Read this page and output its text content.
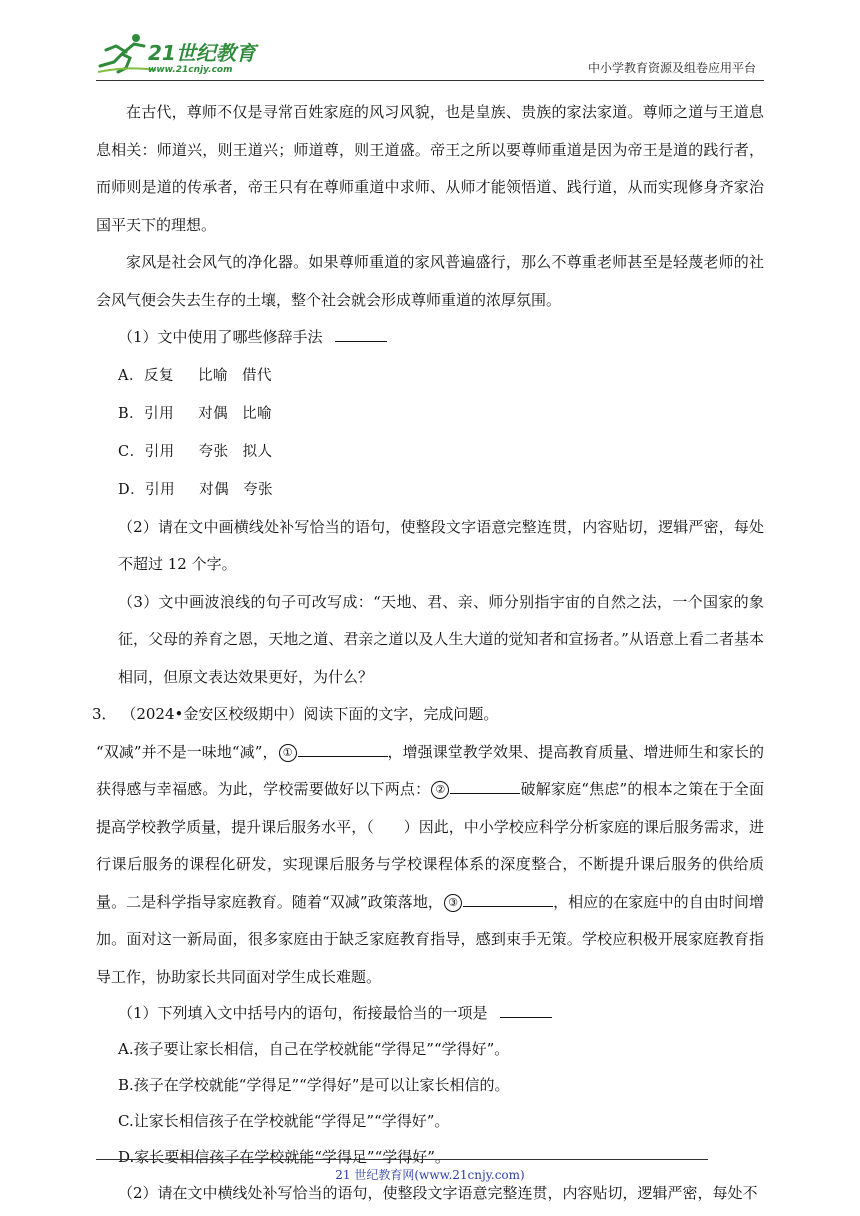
21世纪教育
www.21cnjy.com	中小学教育资源及组卷应用平台

在古代，尊师不仅是寻常百姓家庭的风习风貌，也是皇族、贵族的家法家道。尊师之道与王道息息相关：师道兴，则王道兴；师道尊，则王道盛。帝王之所以要尊师重道是因为帝王是道的践行者，而师则是道的传承者，帝王只有在尊师重道中求师、从师才能领悟道、践行道，从而实现修身齐家治国平天下的理想。

家风是社会风气的净化器。如果尊师重道的家风普遍盛行，那么不尊重老师甚至是轻蔑老师的社会风气便会失去生存的土壤，整个社会就会形成尊师重道的浓厚氛围。

（1）文中使用了哪些修辞手法

A．反复 比喻 借代

B．引用 对偶 比喻

C．引用 夸张 拟人

D．引用 对偶 夸张

（2）请在文中画横线处补写恰当的语句，使整段文字语意完整连贯，内容贴切，逻辑严密，每处不超过 12 个字。

（3）文中画波浪线的句子可改写成：“天地、君、亲、师分别指宇宙的自然之法，一个国家的象征，父母的养育之恩，天地之道、君亲之道以及人生大道的觉知者和宣扬者。”从语意上看二者基本相同，但原文表达效果更好，为什么？

3． （2024•金安区校级期中）阅读下面的文字，完成问题。

“双减”并不是一味地“减”， ①	，增强课堂教学效果、提高教育质量、增进师生和家长的获得感与幸福感。为此，学校需要做好以下两点： ②	破解家庭“焦虑”的根本之策在于全面提高学校教学质量，提升课后服务水平，（　　）因此，中小学校应科学分析家庭的课后服务需求，进行课后服务的课程化研发，实现课后服务与学校课程体系的深度整合，不断提升课后服务的供给质量。二是科学指导家庭教育。随着“双减”政策落地， ③	，相应的在家庭中的自由时间增加。面对这一新局面，很多家庭由于缺乏家庭教育指导，感到束手无策。学校应积极开展家庭教育指导工作，协助家长共同面对学生成长难题。

（1）下列填入文中括号内的语句，衔接最恰当的一项是

A.孩子要让家长相信，自己在学校就能“学得足”“学得好”。

B.孩子在学校就能“学得足”“学得好”是可以让家长相信的。

C.让家长相信孩子在学校就能“学得足”“学得好”。

D.家长要相信孩子在学校就能“学得足”“学得好”。

（2）请在文中横线处补写恰当的语句，使整段文字语意完整连贯，内容贴切，逻辑严密，每处不

21 世纪教育网(www.21cnjy.com)
